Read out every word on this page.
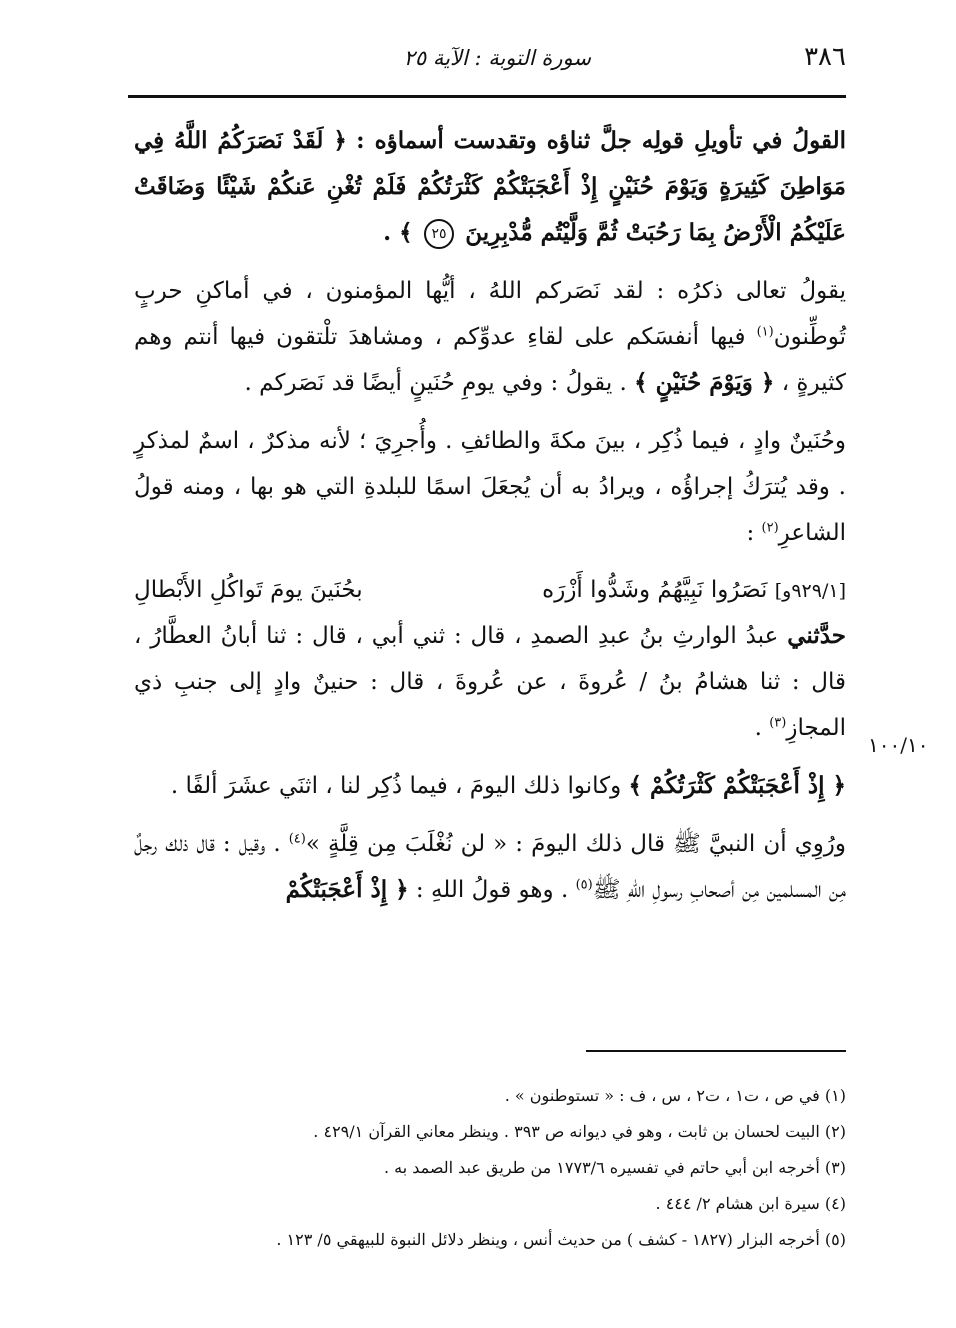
٣٨٦
سورة التوبة : الآية ٢٥

القولُ في تأويلِ قولِه جلَّ ثناؤه وتقدست أسماؤه : ﴿ لَقَدْ نَصَرَكُمُ اللَّهُ فِي مَوَاطِنَ كَثِيرَةٍ وَيَوْمَ حُنَيْنٍ إِذْ أَعْجَبَتْكُمْ كَثْرَتُكُمْ فَلَمْ تُغْنِ عَنكُمْ شَيْئًا وَضَاقَتْ عَلَيْكُمُ الْأَرْضُ بِمَا رَحُبَتْ ثُمَّ وَلَّيْتُم مُّدْبِرِينَ ٢٥ ﴾ .

يقولُ تعالى ذكرُه : لقد نَصَركم اللهُ ، أيُّها المؤمنون ، في أماكنِ حربٍ تُوطِّنون$^{(١)}$ فيها أنفسَكم على لقاءِ عدوِّكم ، ومشاهدَ تلْتقون فيها أنتم وهم كثيرةٍ ، ﴿ وَيَوْمَ حُنَيْنٍ ﴾ . يقولُ : وفي يومِ حُنَينٍ أيضًا قد نَصَركم .

وحُنَينٌ وادٍ ، فيما ذُكِر ، بينَ مكةَ والطائفِ . وأُجرِيَ ؛ لأنه مذكرٌ ، اسمٌ لمذكرٍ . وقد يُترَكُ إجراؤُه ، ويرادُ به أن يُجعَلَ اسمًا للبلدةِ التي هو بها ، ومنه قولُ الشاعرِ$^{(٢)}$ :

[٩٢٩/١و] نَصَرُوا نَبِيَّهُمُ وشَدُّوا أَزْرَه
بحُنَينَ يومَ تَواكُلِ الأَبْطالِ

حدَّثني عبدُ الوارثِ بنُ عبدِ الصمدِ ، قال : ثني أبي ، قال : ثنا أبانُ العطَّارُ ، قال : ثنا هشامُ بنُ / عُروةَ ، عن عُروةَ ، قال : حنينٌ وادٍ إلى جنبِ ذي المجازِ$^{(٣)}$ .

﴿ إِذْ أَعْجَبَتْكُمْ كَثْرَتُكُمْ ﴾ وكانوا ذلك اليومَ ، فيما ذُكِر لنا ، اثنَي عشَرَ ألفًا .

ورُوِي أن النبيَّ ﷺ قال ذلك اليومَ : « لن نُغْلَبَ مِن قِلَّةٍ »$^{(٤)}$ . وقيل : قال ذلك رجلٌ مِن المسلمين مِن أصحابِ رسولِ اللهِ ﷺ$^{(٥)}$ . وهو قولُ اللهِ : ﴿ إِذْ أَعْجَبَتْكُمْ

١٠٠/١٠

(١) في ص ، ت١ ، ت٢ ، س ، ف : « تستوطنون » .

(٢) البيت لحسان بن ثابت ، وهو في ديوانه ص ٣٩٣ . وينظر معاني القرآن ٤٢٩/١ .

(٣) أخرجه ابن أبي حاتم في تفسيره ١٧٧٣/٦ من طريق عبد الصمد به .

(٤) سيرة ابن هشام ٢/ ٤٤٤ .

(٥) أخرجه البزار (١٨٢٧ - كشف ) من حديث أنس ، وينظر دلائل النبوة للبيهقي ٥/ ١٢٣ .
